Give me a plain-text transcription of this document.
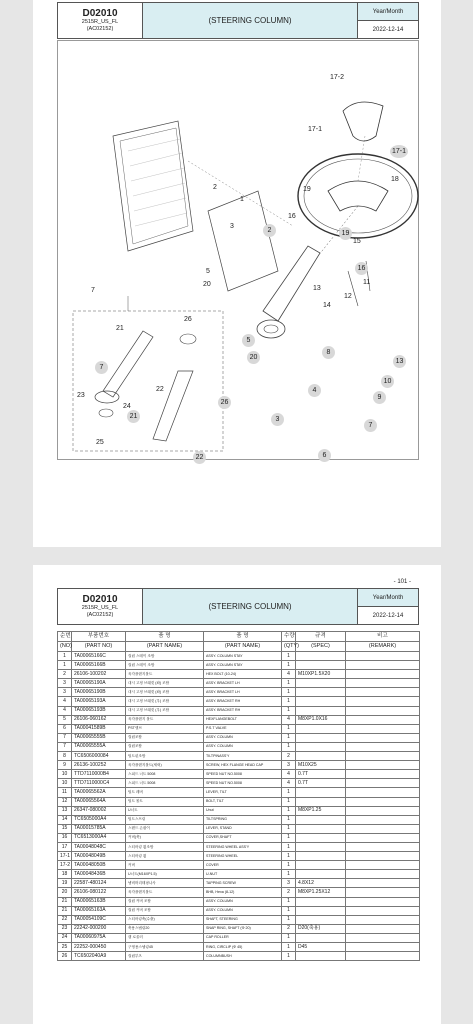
D02010
2515R_US_FL
(AC02152)
(STEERING COLUMN)
Year/Month
2022-12-14
17-2
17-1
17-1
18
19
2
1
3
2
16
19
15
16
11
5
20
13
12
14
7
26
21
7
22
23
24
21
25
5
20
8
13
10
4
9
26
3
7
6
22
- 101 -
D02010
2515R_US_FL
(AC02152)
(STEERING COLUMN)
Year/Month
2022-12-14
순번	부품번호	품 명	품 명	수량	규격	비고
(NO)	(PART NO)	(PART NAME)	(PART NAME)	(QTY)	(SPEC)	(REMARK)
1	TA00065166C	컬럼 스테이 조합	ASSY. COLUMN STAY	1		
1	TA00065166B	컬럼 스테이 조합	ASSY. COLUMN STAY	1		
2	26106-100202	육각플랜지볼트	HEX BOLT (10-24)	4	M10XP1.5X20	
3	TA00065190A	대시 고정 브래킷 (좌) 조합	ASSY. BRACKET LH	1		
3	TA00065190B	대시 고정 브래킷 (좌) 조합	ASSY. BRACKET LH	1		
4	TA00065193A	대시 고정 브래킷 (우) 조합	ASSY. BRACKET RH	1		
4	TA00065193B	대시 고정 브래킷 (우) 조합	ASSY. BRACKET RH	1		
5	26106-060162	육각플랜지 볼트	HEXFLANGEBOLT	4	M8XP1.0X16	
6	TA00041589B	PST밸브	P.S.T VALVE	1		
7	TA00065555B	컬럼조합	ASSY. COLUMN	1		
7	TA00065555A	컬럼조합	ASSY. COLUMN	1		
8	TC6506000084	틸트핀조합	TILTPINASS'Y	2		
9	26136-100252	육각플랜지볼트(세릭)	SCREW, HEX FLANGE HEAD CAP	3	M10X25	
10	TTD7110000B4	스피드 너트 5008	SPEED NUT NO.5008	4	0.7T	
10	TTD7110000C4	스피드 너트 5008	SPEED NUT NO.5008	4	0.7T	
11	TA00065562A	틸트 레버	LEVER, TILT	1		
12	TA00065564A	틸트 볼트	BOLT, TILT	1		
13	26347-080002	U너트	Unut	1	M8XP1.25	
14	TC6505000A4	틸트스프링	TILTSPRING	1		
15	TA00015785A	스탠드 손잡이	LEVER, STAND	1		
16	TC6513000A4	커버(축)	COVER,SHAFT	1		
17	TA00048048C	스티어링 휠조합	STEERING WHEEL ASS'Y	1		
17-1	TA00048049B	스티어링 휠	STEERING WHEEL	1		
17-2	TA00048050B	커버	COVER	1		
18	TA00048436B	U너트(M16XP1.5)	U-NUT	1		
19	22587-480124	냄비머리태핑나사	TAPPING SCREW	3	4.8X12	
20	26106-080122	육각플랜지볼트	BHB, Hexa (8-12)	2	M8XP1.25X12	
21	TA00065163B	컬럼 커버 조합	ASSY. COLUMN	1		
21	TA00065163A	컬럼 커버 조합	ASSY. COLUMN	1		
22	TA00054109C	스티어링축(수출)	SHAFT, STEERING	1		
23	22242-000200	축용스냅링20	SNAP RING, SHAFT (Φ 20)	2	D20(축용)	
24	TA00060975A	캡 로울러	CAP ROLLER	1		
25	22252-000450	구멍용스냅링45	RING, CIRCLIP (Φ 45)	1	D45	
26	TC6502040A9	컬럼부츠	COLUMNBUSH	1		
